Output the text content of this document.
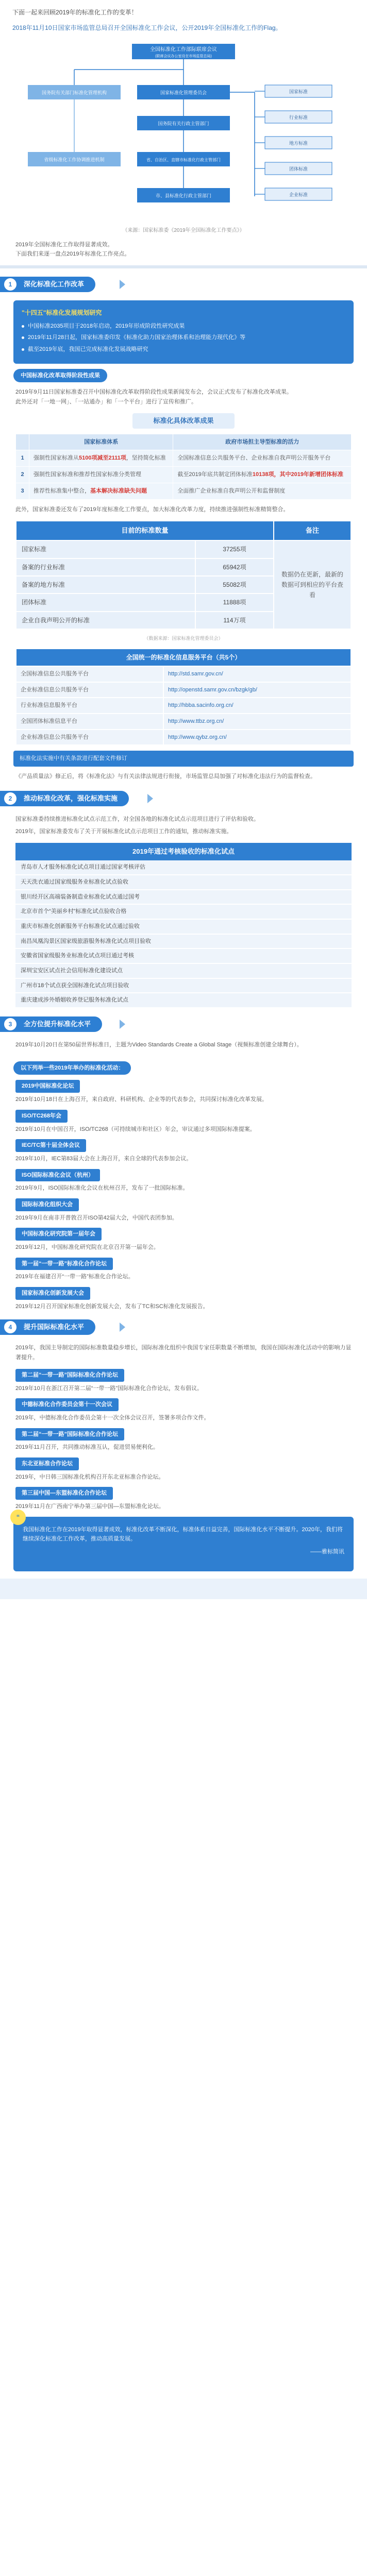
下面一起来回顾2019年的标准化工作的变革！

2018年11月10日国家市场监管总局召开全国标准化工作会议，公开2019年全国标准化工作的Flag。

全国标准化工作部际联席会议
(联席会议办公室设在市场监管总局)
国务院有关部门标准化管理机构
省级标准化工作协调推进机制
国家标准化管理委员会
国务院有关行政主管部门
省、自治区、直辖市标准化行政主管部门
市、县标准化行政主管部门
国家标准
行业标准
地方标准
团体标准
企业标准
（来源：国家标准委《2019年全国标准化工作要点》）
2019年全国标准化工作取得显著成效。
下面我们来逐一盘点2019年标准化工作亮点。
1	深化标准化工作改革
"十四五"标准化发展规划研究
中国标准2035项目于2018年启动，2019年形成阶段性研究成果
2019年11月28日起，国家标准委印发《标准化助力国家治理体系和治理能力现代化》等
截至2019年底，我国已完成标准化发展战略研究
中国标准化改革取得阶段性成果
2019年9月11日国家标准委召开中国标准化改革取得阶段性成果新闻发布会，会议正式发布了标准化改革成果。
此外还对「一地一网」、「一站通办」和「一个平台」进行了宣传和推广。
标准化具体改革成果
	国家标准体系	政府市场担主导型标准的活力
1	强制性国家标准从5100项减至2111项，坚持简化标准	全国标准信息公共服务平台、企业标准自我声明公开服务平台
2	强制性国家标准和推荐性国家标准分类管理	截至2019年底共制定团体标准10138项，其中2019年新增团体标准
3	推荐性标准集中整合，基本解决标准缺失问题	全面推广企业标准自我声明公开和监督制度
此外，国家标准委还发布了2019年度标准化工作要点，加大标准化改革力度，持续推进强制性标准精简整合。
目前的标准数量		备注
国家标准	37255项	数据仍在更新，最新的数据可到相应的平台查看
备案的行业标准	65942项	
备案的地方标准	55082项	
团体标准	11888项	
企业自我声明公开的标准	114万项	
（数据来源：国家标准化管理委员会）
全国统一的标准化信息服务平台（共5个）	
全国标准信息公共服务平台	http://std.samr.gov.cn/
企业标准信息公共服务平台	http://openstd.samr.gov.cn/bzgk/gb/
行业标准信息服务平台	http://hbba.sacinfo.org.cn/
全国团体标准信息平台	http://www.ttbz.org.cn/
企业标准信息公共服务平台	http://www.qybz.org.cn/
标准化法实施中有关条款进行配套文件修订
《产品质量法》修正后，将《标准化法》与有关法律法规进行衔接，市场监管总局加强了对标准化违法行为的监督检查。
2	推动标准化改革，强化标准实施
国家标准委持续推进标准化试点示范工作，对全国各地的标准化试点示范项目进行了评估和验收。
2019年，国家标准委发布了关于开展标准化试点示范项目工作的通知，推动标准实施。
2019年通过考核验收的标准化试点
青岛市人才服务标准化试点项目通过国家考核评估
天天洗衣通过国家级服务业标准化试点验收
银川经开区高端装备制造业标准化试点通过国考
北京市首个“美丽乡村”标准化试点验收合格
重庆市标准化创新服务平台标准化试点通过验收
南昌凤凰沟景区国家级旅游服务标准化试点项目验收
安徽省国家级服务业标准化试点项目通过考核
深圳宝安区试点社会信用标准化建设试点
广州市18个试点获全国标准化试点项目验收
重庆建成涉外婚姻收养登记服务标准化试点
3	全方位提升标准化水平
2019年10月20日在第50届世界标准日，主题为Video Standards Create a Global Stage（视频标准创建全球舞台）。
以下列举一些2019年举办的标准化活动：
2019中国标准化论坛
2019年10月18日在上海召开，来自政府、科研机构、企业等的代表参会，共同探讨标准化改革发展。
ISO/TC268年会
2019年10月在中国召开，ISO/TC268（可持续城市和社区）年会，审议通过多项国际标准提案。
IEC/TC第十届全体会议
2019年10月，IEC第83届大会在上海召开，来自全球的代表参加会议。
ISO国际标准化会议（杭州）
2019年9月，ISO国际标准化会议在杭州召开，发布了一批国际标准。
国际标准化组织大会
2019年9月在南非开普敦召开ISO第42届大会，中国代表团参加。
中国标准化研究院第一届年会
2019年12月，中国标准化研究院在北京召开第一届年会。
第一届“一带一路”标准化合作论坛
2019年在福建召开“一带一路”标准化合作论坛。
国家标准化创新发展大会
2019年12月召开国家标准化创新发展大会，发布了TC和SC标准化发展报告。
4	提升国际标准化水平
2019年，我国主导制定的国际标准数量稳步增长，国际标准化组织中我国专家任职数量不断增加，我国在国际标准化活动中的影响力显著提升。
第二届“一带一路”国际标准化合作论坛
2019年10月在浙江召开第二届“一带一路”国际标准化合作论坛，发布倡议。
中德标准化合作委员会第十一次会议
2019年，中德标准化合作委员会第十一次全体会议召开，签署多项合作文件。
第二届“一带一路”国际标准化合作论坛
2019年11月召开，共同推动标准互认，促进贸易便利化。
东北亚标准合作论坛
2019年，中日韩三国标准化机构召开东北亚标准合作论坛。
第三届中国—东盟标准化合作论坛
2019年11月在广西南宁举办第三届中国—东盟标准化论坛。
“
我国标准化工作在2019年取得显著成效，标准化改革不断深化，标准体系日益完善，国际标准化水平不断提升。2020年，我们将继续深化标准化工作改革，推动高质量发展。
——雅标简讯
